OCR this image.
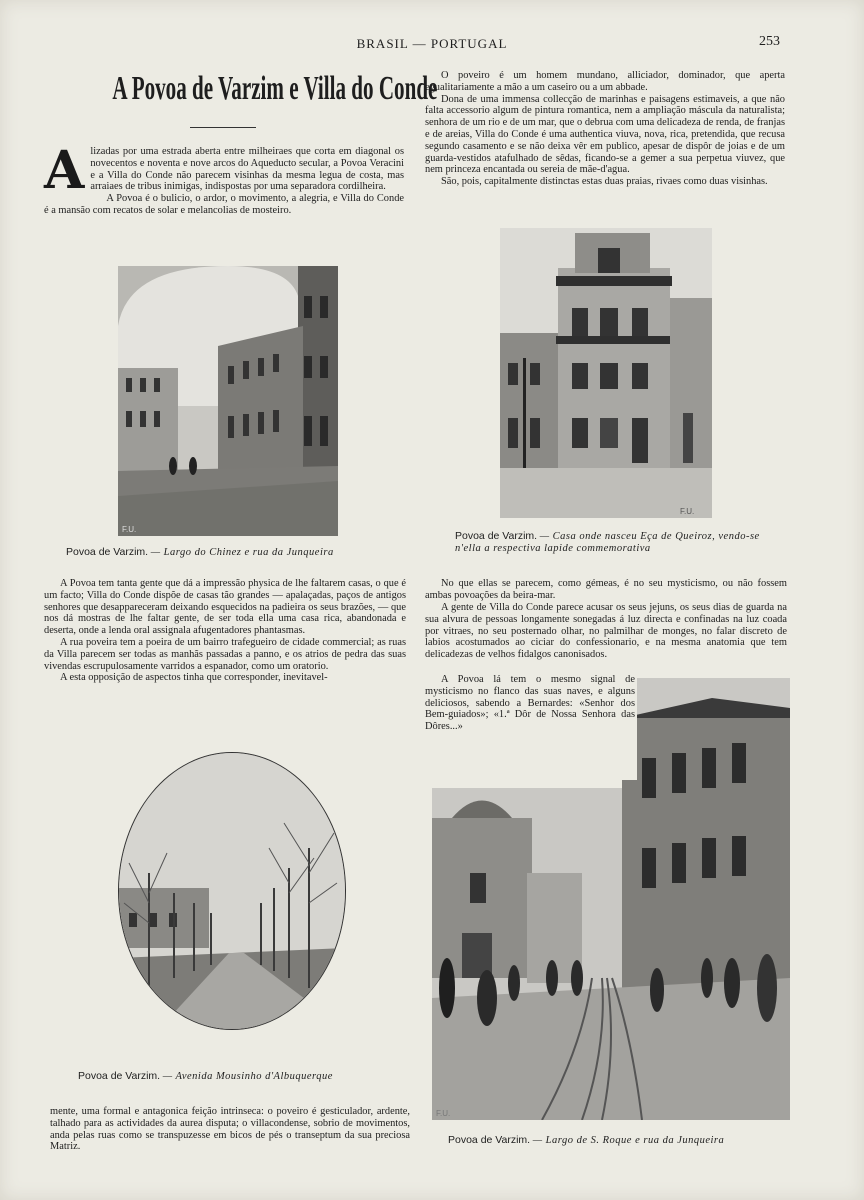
BRASIL — PORTUGAL	253
A Povoa de Varzim e Villa do Conde

Alizadas por uma estrada aberta entre milheiraes que corta em diagonal os novecentos e noventa e nove arcos do Aqueducto secular, a Povoa Veracini e a Villa do Conde não parecem visinhas da mesma legua de costa, mas arraiaes de tribus inimigas, indispostas por uma separadora cordilheira.

A Povoa é o bulicio, o ardor, o movimento, a alegria, e Villa do Conde é a mansão com recatos de solar e melancolias de mosteiro.

O poveiro é um homem mundano, alliciador, dominador, que aperta egualitariamente a mão a um caseiro ou a um abbade.

Dona de uma immensa collecção de marinhas e paisagens estimaveis, a que não falta accessorio algum de pintura romantica, nem a ampliação máscula da naturalista; senhora de um rio e de um mar, que o debrua com uma delicadeza de renda, de franjas e de areias, Villa do Conde é uma authentica viuva, nova, rica, pretendida, que recusa segundo casamento e se não deixa vêr em publico, apesar de dispôr de joias e de um guarda-vestidos atafulhado de sêdas, ficando-se a gemer a sua perpetua viuvez, que nem princeza encantada ou sereia de mãe-d'agua.

São, pois, capitalmente distinctas estas duas praias, rivaes como duas visinhas.

F.U.
Povoa de Varzim. — Largo do Chinez e rua da Junqueira
F.U.
Povoa de Varzim. — Casa onde nasceu Eça de Queiroz, vendo-se n'ella a respectiva lapide commemorativa

A Povoa tem tanta gente que dá a impressão physica de lhe faltarem casas, o que é um facto; Villa do Conde dispõe de casas tão grandes — apalaçadas, paços de antigos senhores que desappareceram deixando esquecidos na padieira os seus brazões, — que nos dá mostras de lhe faltar gente, de ser toda ella uma casa rica, abandonada e deserta, onde a lenda oral assignala afugentadores phantasmas.

A rua poveira tem a poeira de um bairro trafegueiro de cidade commercial; as ruas da Villa parecem ser todas as manhãs passadas a panno, e os atrios de pedra das suas vivendas escrupulosamente varridos a espanador, como um oratorio.

A esta opposição de aspectos tinha que corresponder, inevitavel-

No que ellas se parecem, como gémeas, é no seu mysticismo, ou não fossem ambas povoações da beira-mar.

A gente de Villa do Conde parece acusar os seus jejuns, os seus dias de guarda na sua alvura de pessoas longamente sonegadas á luz directa e confinadas na luz coada por vitraes, no seu posternado olhar, no palmilhar de monges, no falar discreto de labios acostumados ao ciciar do confessionario, e na mesma anatomia que tem delicadezas de velhos fidalgos canonisados.

F.U.

A Povoa lá tem o mesmo signal de mysticismo no flanco das suas naves, e alguns deliciosos, sabendo a Bernardes: «Senhor dos Bem-guiados»; «1.ª Dôr de Nossa Senhora das Dôres...»

Povoa de Varzim. — Largo de S. Roque e rua da Junqueira
Povoa de Varzim. — Avenida Mousinho d'Albuquerque

mente, uma formal e antagonica feição intrinseca: o poveiro é gesticulador, ardente, talhado para as actividades da aurea disputa; o villacondense, sobrio de movimentos, anda pelas ruas como se transpuzesse em bicos de pés o transeptum da sua preciosa Matriz.
